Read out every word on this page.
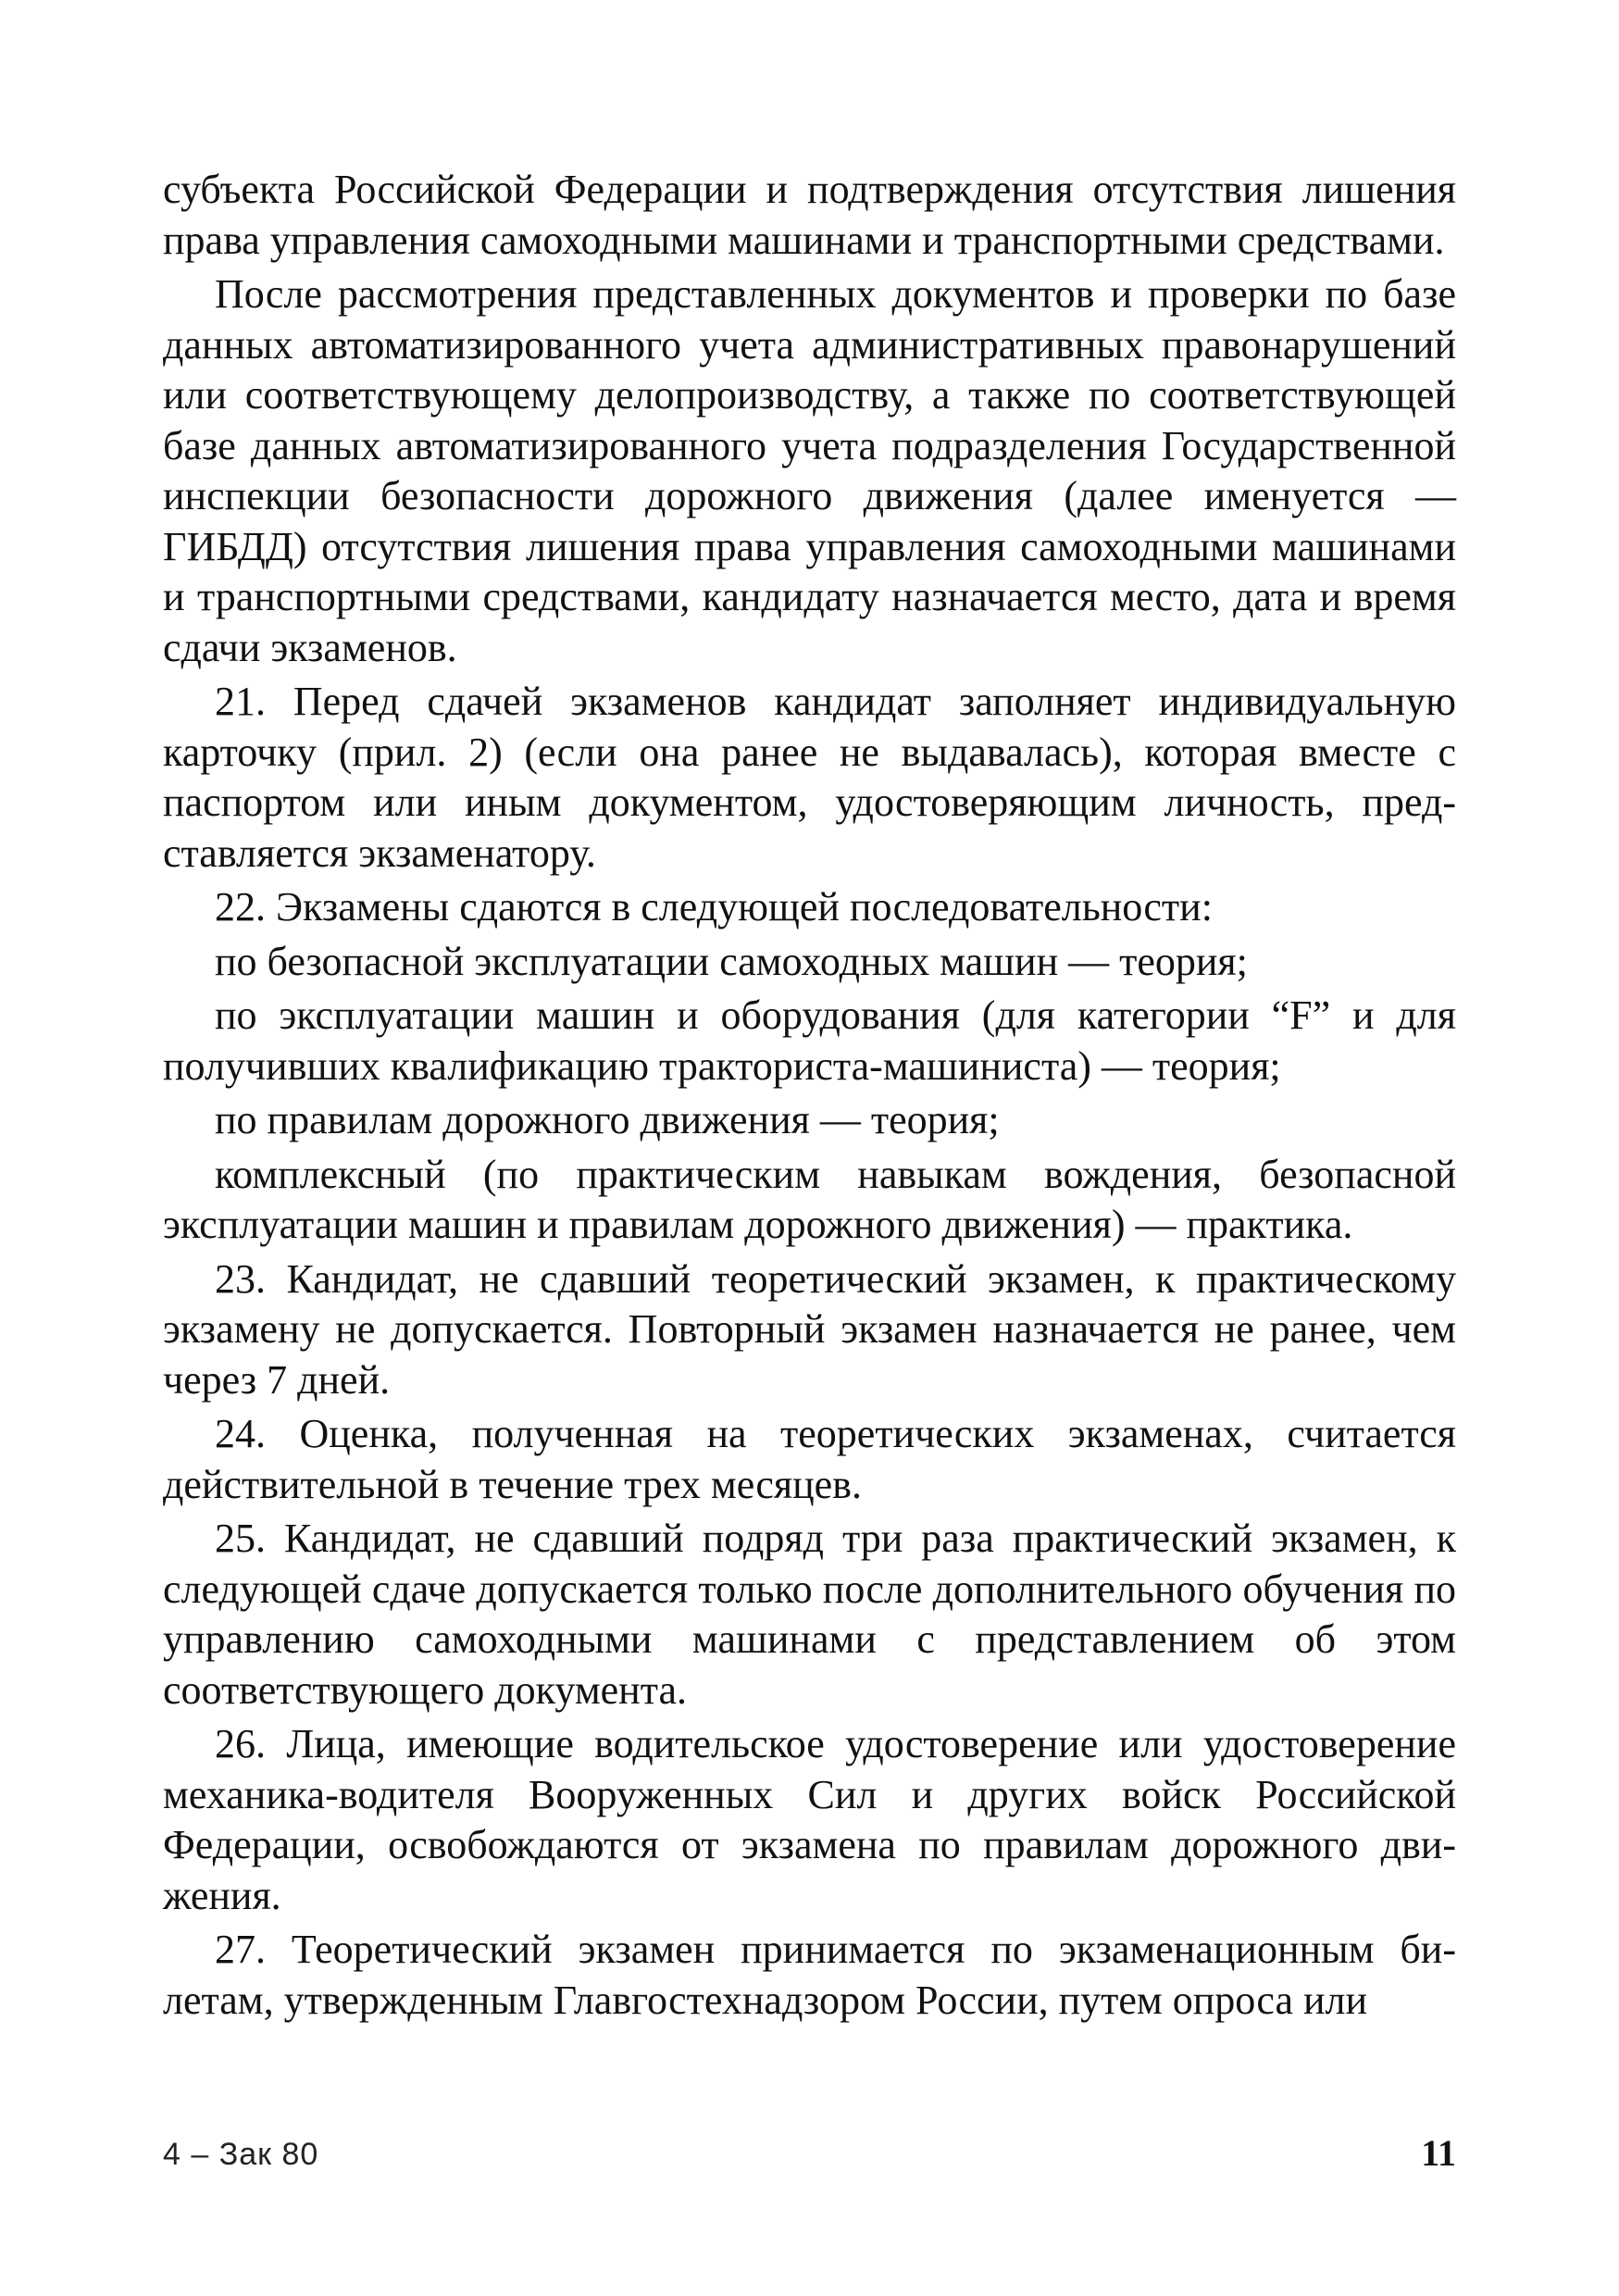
субъекта Российской Федерации и подтверждения отсутствия лишения права управления самоходными машинами и транспортными средствами.

После рассмотрения представленных документов и проверки по базе данных автоматизированного учета административных правонарушений или соответствующему делопроизводству, а также по соответствующей базе данных автоматизированного учета подразделения Государственной инспекции безопасности дорожного движения (далее именуется — ГИБДД) отсутствия лишения права управления самоходными машинами и транспортными средствами, кандидату назначается место, дата и время сдачи экзаменов.

21. Перед сдачей экзаменов кандидат заполняет индивидуальную карточку (прил. 2) (если она ранее не выдавалась), которая вместе с паспортом или иным документом, удостоверяющим личность, представляется экзаменатору.

22. Экзамены сдаются в следующей последовательности:

по безопасной эксплуатации самоходных машин — теория;

по эксплуатации машин и оборудования (для категории “F” и для получивших квалификацию тракториста-машиниста) — теория;

по правилам дорожного движения — теория;

комплексный (по практическим навыкам вождения, безопасной эксплуатации машин и правилам дорожного движения) — практика.

23. Кандидат, не сдавший теоретический экзамен, к практическому экзамену не допускается. Повторный экзамен назначается не ранее, чем через 7 дней.

24. Оценка, полученная на теоретических экзаменах, считается действительной в течение трех месяцев.

25. Кандидат, не сдавший подряд три раза практический экзамен, к следующей сдаче допускается только после дополнительного обучения по управлению самоходными машинами с представлением об этом соответствующего документа.

26. Лица, имеющие водительское удостоверение или удостоверение механика-водителя Вооруженных Сил и других войск Российской Федерации, освобождаются от экзамена по правилам дорожного движения.

27. Теоретический экзамен принимается по экзаменационным билетам, утвержденным Главгостехнадзором России, путем опроса или

4 – Зак 80	11
